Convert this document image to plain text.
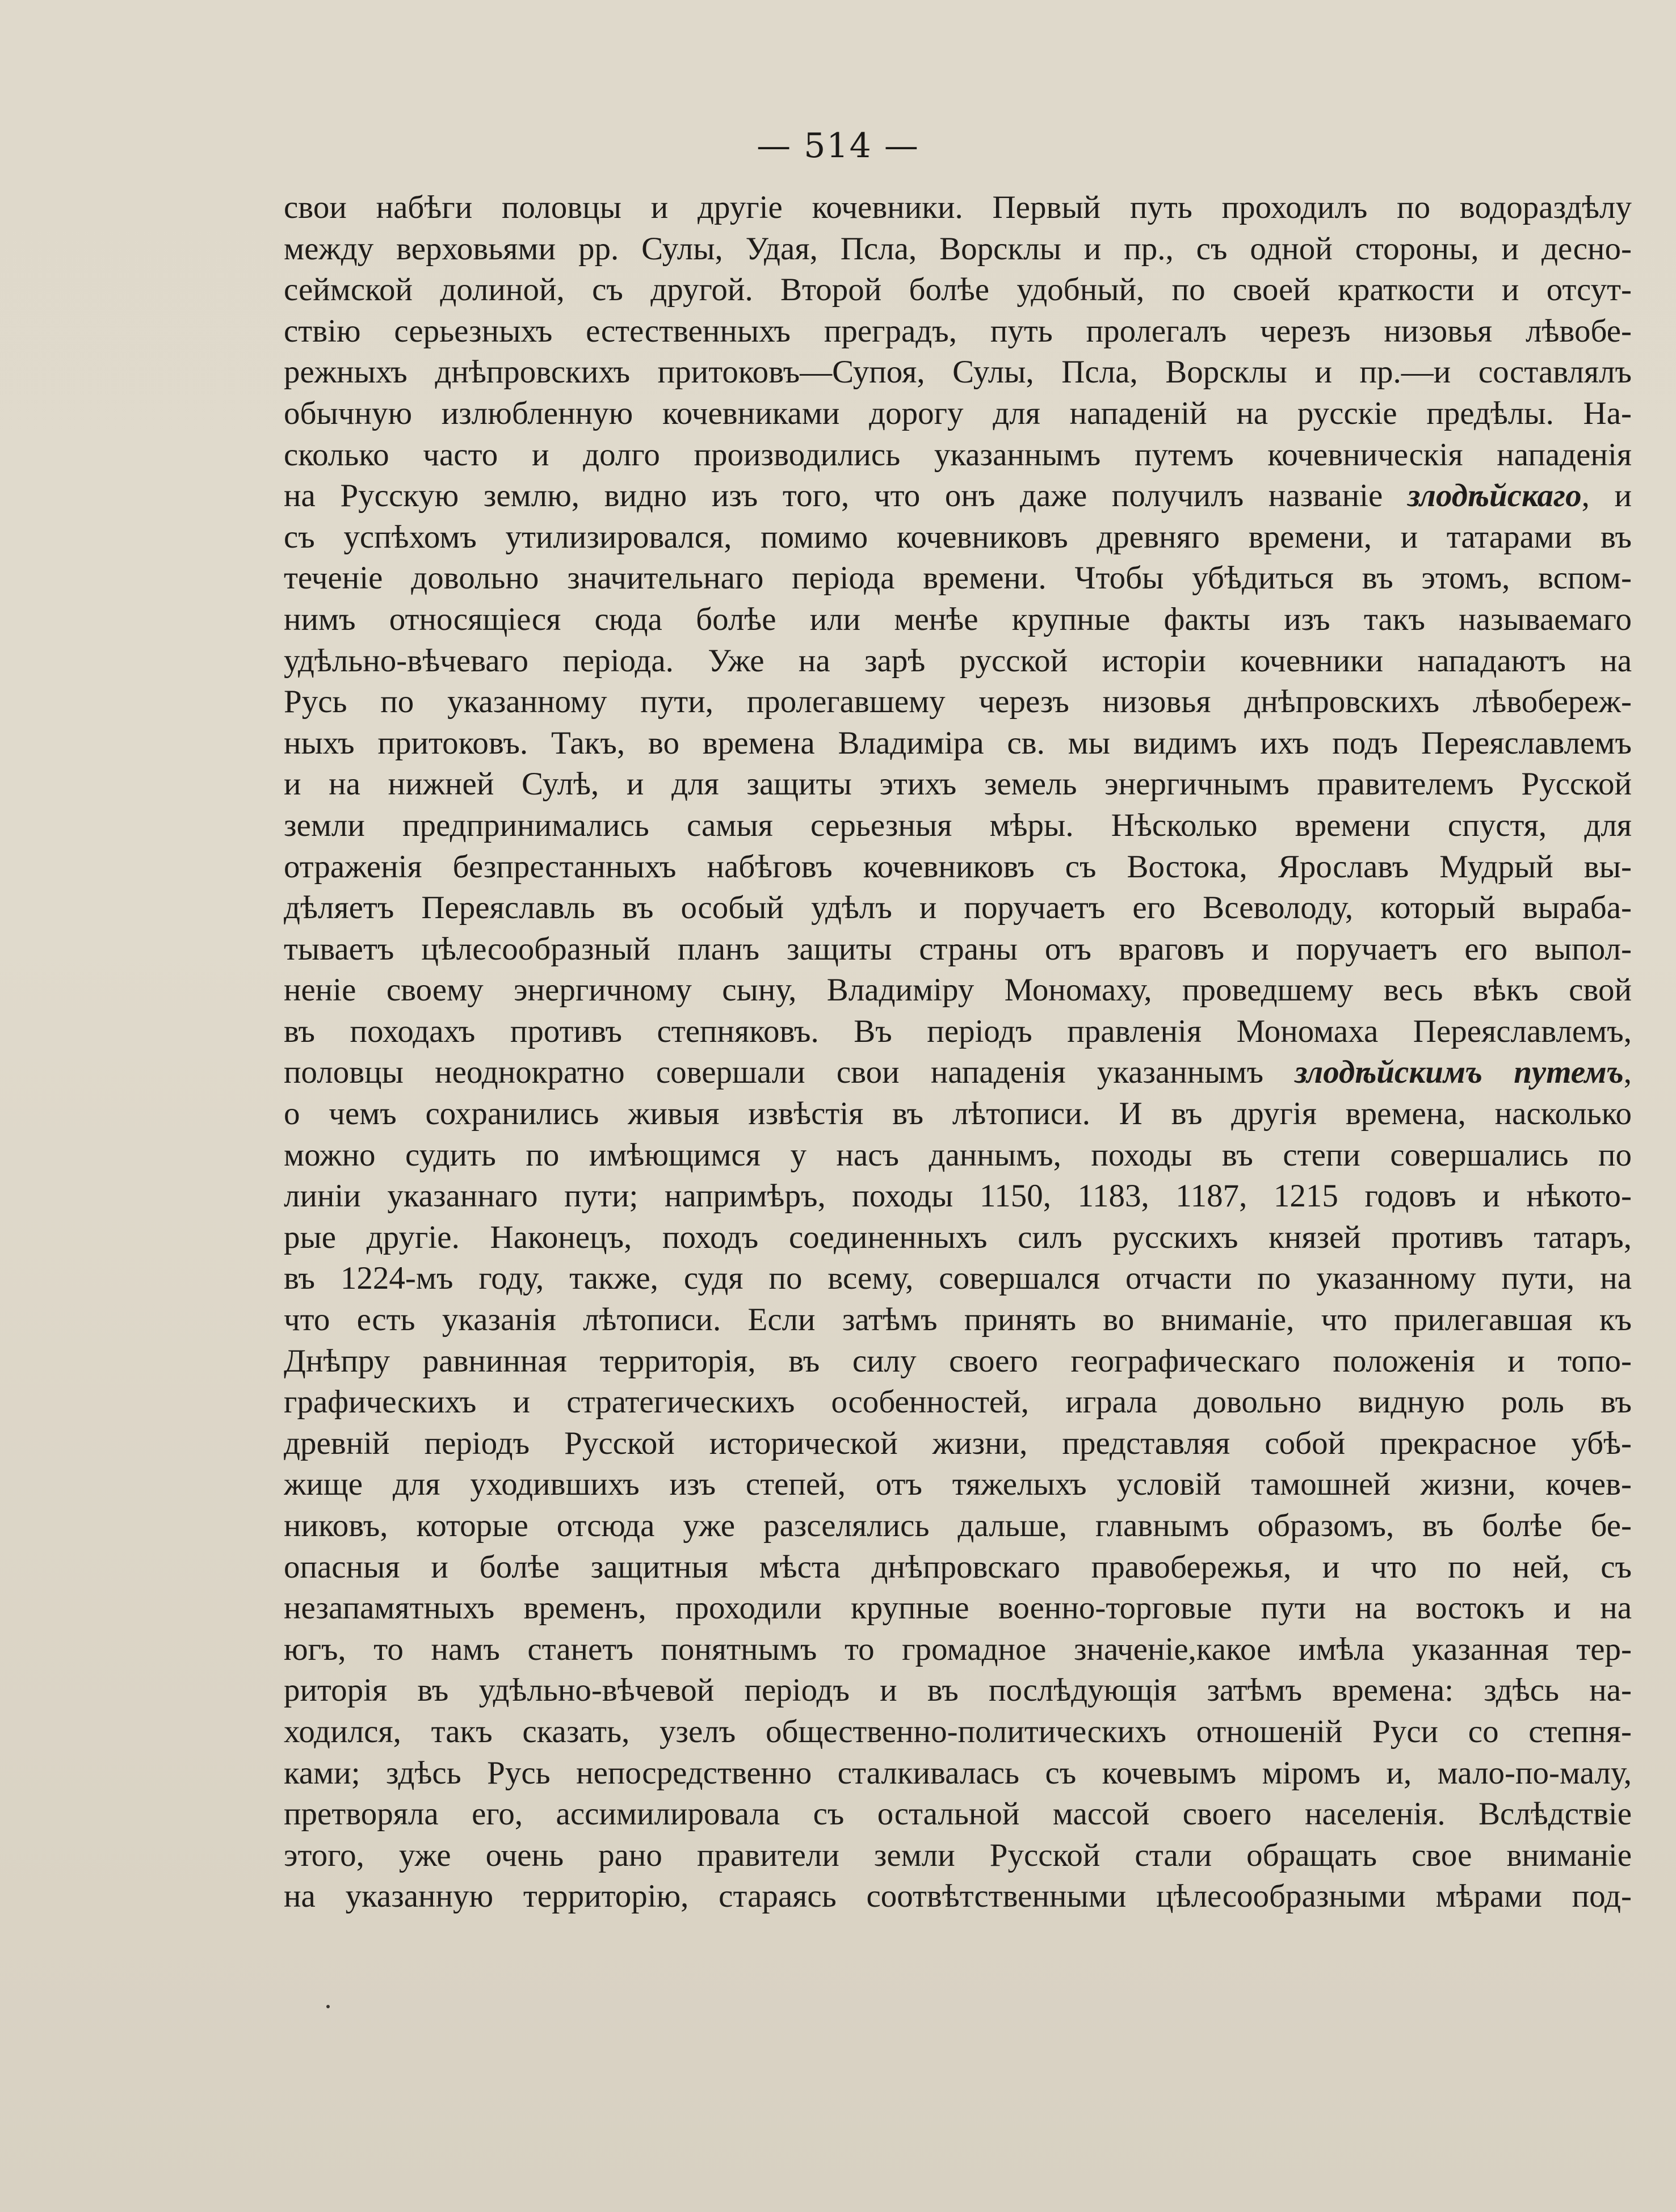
— 514 —
свои набѣги половцы и другіе кочевники. Первый путь проходилъ по водораздѣлу
между верховьями рр. Сулы, Удая, Псла, Ворсклы и пр., съ одной стороны, и десно-
сеймской долиной, съ другой. Второй болѣе удобный, по своей краткости и отсут-
ствію серьезныхъ естественныхъ преградъ, путь пролегалъ черезъ низовья лѣвобе-
режныхъ днѣпровскихъ притоковъ—Супоя, Сулы, Псла, Ворсклы и пр.—и составлялъ
обычную излюбленную кочевниками дорогу для нападеній на русскіе предѣлы. На-
сколько часто и долго производились указаннымъ путемъ кочевническія нападенія
на Русскую землю, видно изъ того, что онъ даже получилъ названіе злодѣйскаго, и
съ успѣхомъ утилизировался, помимо кочевниковъ древняго времени, и татарами въ
теченіе довольно значительнаго періода времени. Чтобы убѣдиться въ этомъ, вспом-
нимъ относящіеся сюда болѣе или менѣе крупные факты изъ такъ называемаго
удѣльно-вѣчеваго періода. Уже на зарѣ русской исторіи кочевники нападаютъ на
Русь по указанному пути, пролегавшему черезъ низовья днѣпровскихъ лѣвобереж-
ныхъ притоковъ. Такъ, во времена Владиміра св. мы видимъ ихъ подъ Переяславлемъ
и на нижней Сулѣ, и для защиты этихъ земель энергичнымъ правителемъ Русской
земли предпринимались самыя серьезныя мѣры. Нѣсколько времени спустя, для
отраженія безпрестанныхъ набѣговъ кочевниковъ съ Востока, Ярославъ Мудрый вы-
дѣляетъ Переяславль въ особый удѣлъ и поручаетъ его Всеволоду, который выраба-
тываетъ цѣлесообразный планъ защиты страны отъ враговъ и поручаетъ его выпол-
неніе своему энергичному сыну, Владиміру Мономаху, проведшему весь вѣкъ свой
въ походахъ противъ степняковъ. Въ періодъ правленія Мономаха Переяславлемъ,
половцы неоднократно совершали свои нападенія указаннымъ злодѣйскимъ путемъ,
о чемъ сохранились живыя извѣстія въ лѣтописи. И въ другія времена, насколько
можно судить по имѣющимся у насъ даннымъ, походы въ степи совершались по
линіи указаннаго пути; напримѣръ, походы 1150, 1183, 1187, 1215 годовъ и нѣкото-
рые другіе. Наконецъ, походъ соединенныхъ силъ русскихъ князей противъ татаръ,
въ 1224-мъ году, также, судя по всему, совершался отчасти по указанному пути, на
что есть указанія лѣтописи. Если затѣмъ принять во вниманіе, что прилегавшая къ
Днѣпру равнинная территорія, въ силу своего географическаго положенія и топо-
графическихъ и стратегическихъ особенностей, играла довольно видную роль въ
древній періодъ Русской исторической жизни, представляя собой прекрасное убѣ-
жище для уходившихъ изъ степей, отъ тяжелыхъ условій тамошней жизни, кочев-
никовъ, которые отсюда уже разселялись дальше, главнымъ образомъ, въ болѣе бе-
опасныя и болѣе защитныя мѣста днѣпровскаго правобережья, и что по ней, съ
незапамятныхъ временъ, проходили крупные военно-торговые пути на востокъ и на
югъ, то намъ станетъ понятнымъ то громадное значеніе,какое имѣла указанная тер-
риторія въ удѣльно-вѣчевой періодъ и въ послѣдующія затѣмъ времена: здѣсь на-
ходился, такъ сказать, узелъ общественно-политическихъ отношеній Руси со степня-
ками; здѣсь Русь непосредственно сталкивалась съ кочевымъ міромъ и, мало-по-малу,
претворяла его, ассимилировала съ остальной массой своего населенія. Вслѣдствіе
этого, уже очень рано правители земли Русской стали обращать свое вниманіе
на указанную территорію, стараясь соотвѣтственными цѣлесообразными мѣрами под-
